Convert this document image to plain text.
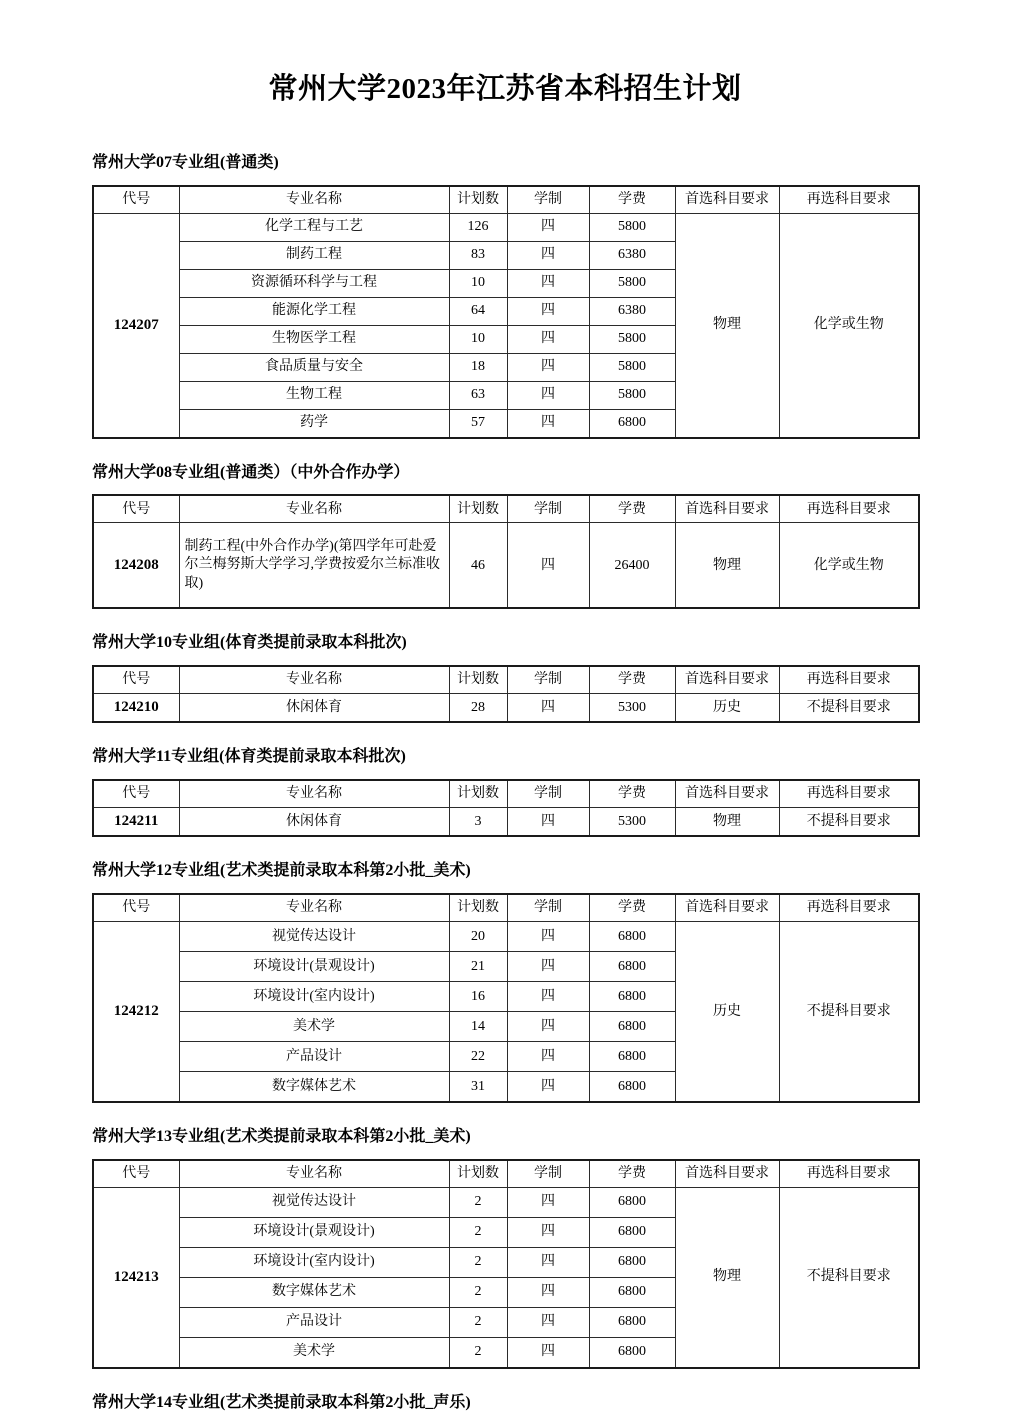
常州大学2023年江苏省本科招生计划
常州大学07专业组(普通类)
代号	专业名称	计划数	学制	学费	首选科目要求	再选科目要求
124207	化学工程与工艺	126	四	5800	物理	化学或生物
	制药工程	83	四	6380		
	资源循环科学与工程	10	四	5800		
	能源化学工程	64	四	6380		
	生物医学工程	10	四	5800		
	食品质量与安全	18	四	5800		
	生物工程	63	四	5800		
	药学	57	四	6800		
常州大学08专业组(普通类）（中外合作办学）
代号	专业名称	计划数	学制	学费	首选科目要求	再选科目要求
124208	制药工程(中外合作办学)(第四学年可赴爱尔兰梅努斯大学学习,学费按爱尔兰标准收取)	46	四	26400	物理	化学或生物
常州大学10专业组(体育类提前录取本科批次)
代号	专业名称	计划数	学制	学费	首选科目要求	再选科目要求
124210	休闲体育	28	四	5300	历史	不提科目要求
常州大学11专业组(体育类提前录取本科批次)
代号	专业名称	计划数	学制	学费	首选科目要求	再选科目要求
124211	休闲体育	3	四	5300	物理	不提科目要求
常州大学12专业组(艺术类提前录取本科第2小批_美术)
代号	专业名称	计划数	学制	学费	首选科目要求	再选科目要求
124212	视觉传达设计	20	四	6800	历史	不提科目要求
	环境设计(景观设计)	21	四	6800		
	环境设计(室内设计)	16	四	6800		
	美术学	14	四	6800		
	产品设计	22	四	6800		
	数字媒体艺术	31	四	6800		
常州大学13专业组(艺术类提前录取本科第2小批_美术)
代号	专业名称	计划数	学制	学费	首选科目要求	再选科目要求
124213	视觉传达设计	2	四	6800	物理	不提科目要求
	环境设计(景观设计)	2	四	6800		
	环境设计(室内设计)	2	四	6800		
	数字媒体艺术	2	四	6800		
	产品设计	2	四	6800		
	美术学	2	四	6800		
常州大学14专业组(艺术类提前录取本科第2小批_声乐)
